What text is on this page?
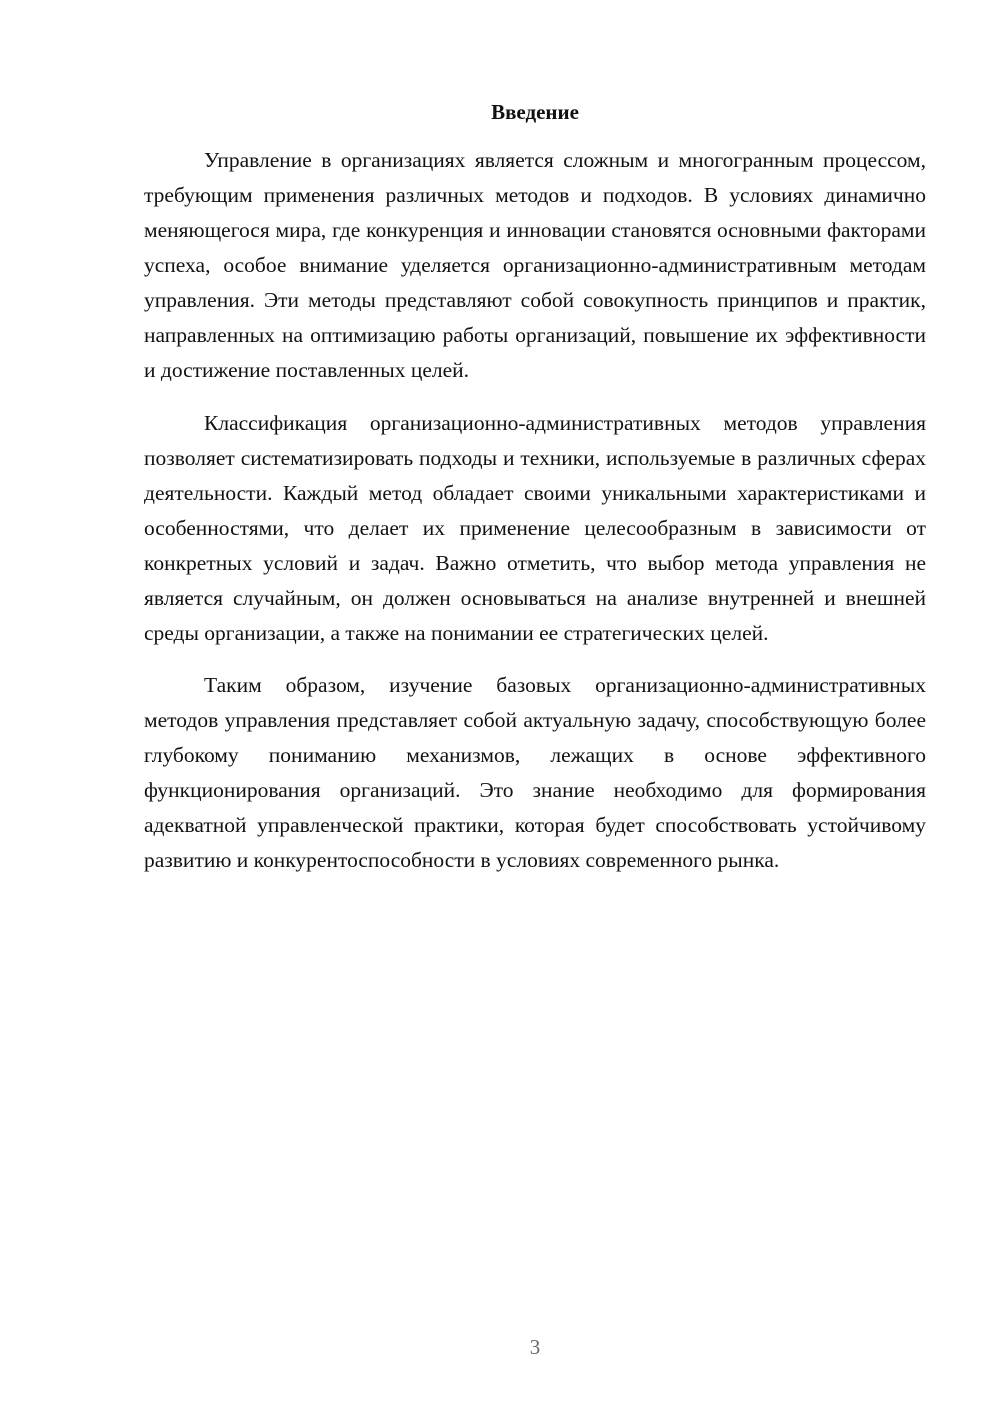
Введение

Управление в организациях является сложным и многогранным процессом, требующим применения различных методов и подходов. В условиях динамично меняющегося мира, где конкуренция и инновации становятся основными факторами успеха, особое внимание уделяется организационно-административным методам управления. Эти методы представляют собой совокупность принципов и практик, направленных на оптимизацию работы организаций, повышение их эффективности и достижение поставленных целей.

Классификация организационно-административных методов управления позволяет систематизировать подходы и техники, используемые в различных сферах деятельности. Каждый метод обладает своими уникальными характеристиками и особенностями, что делает их применение целесообразным в зависимости от конкретных условий и задач. Важно отметить, что выбор метода управления не является случайным, он должен основываться на анализе внутренней и внешней среды организации, а также на понимании ее стратегических целей.

Таким образом, изучение базовых организационно-административных методов управления представляет собой актуальную задачу, способствующую более глубокому пониманию механизмов, лежащих в основе эффективного функционирования организаций. Это знание необходимо для формирования адекватной управленческой практики, которая будет способствовать устойчивому развитию и конкурентоспособности в условиях современного рынка.

3
